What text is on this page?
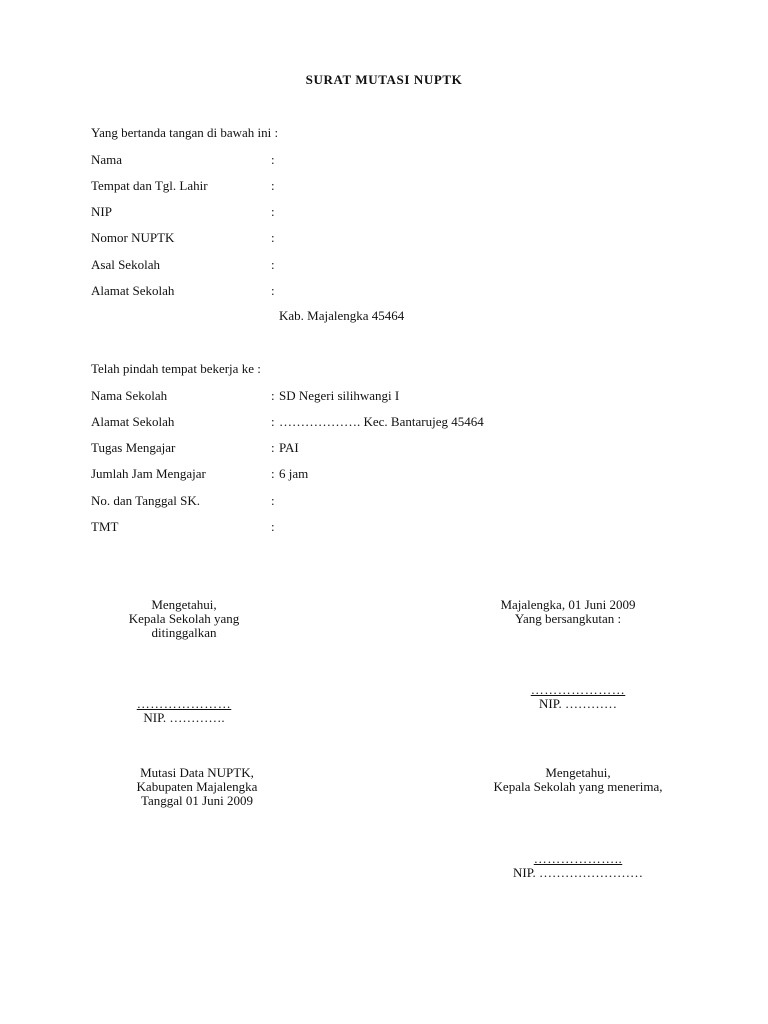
SURAT MUTASI NUPTK
Yang bertanda tangan di bawah ini :
Nama	:
Tempat dan Tgl. Lahir	:
NIP	:
Nomor NUPTK	:
Asal Sekolah	:
Alamat Sekolah	:
Kab. Majalengka 45464
Telah pindah tempat bekerja ke :
Nama Sekolah	: SD Negeri silihwangi I
Alamat Sekolah	: ………………. Kec. Bantarujeg 45464
Tugas Mengajar	: PAI
Jumlah Jam Mengajar	: 6 jam
No. dan Tanggal SK.	:
TMT	:
Mengetahui,
Kepala Sekolah yang
ditinggalkan
…………………
NIP. ………….
Majalengka, 01 Juni 2009
Yang bersangkutan :
…………………
NIP. …………
Mutasi Data NUPTK,
Kabupaten Majalengka
Tanggal 01 Juni 2009
Mengetahui,
Kepala Sekolah yang menerima,
………………..
NIP. ……………………
